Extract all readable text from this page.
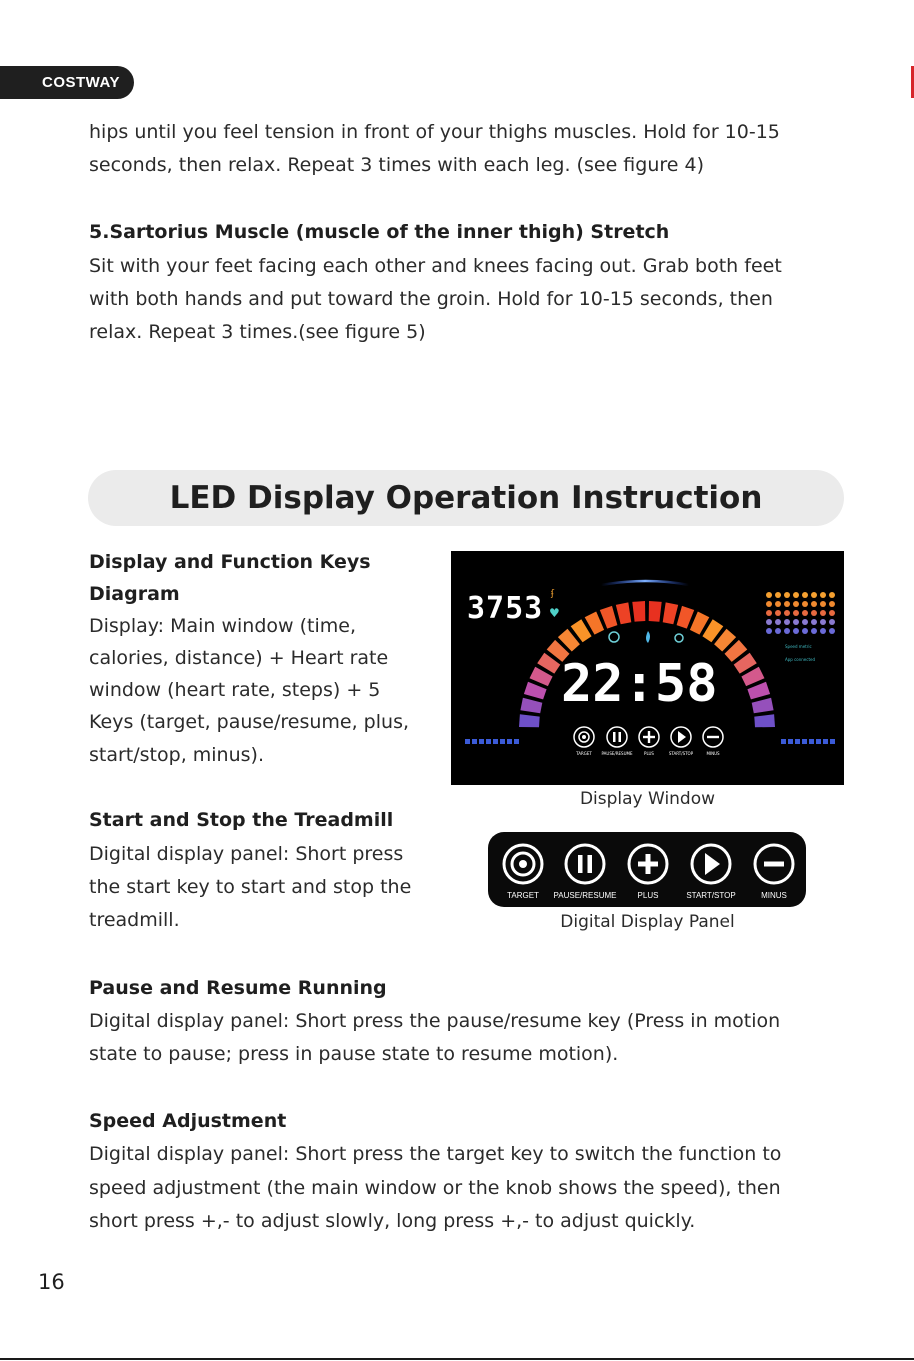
COSTWAY
hips until you feel tension in front of your thighs muscles. Hold for 10-15
seconds, then relax. Repeat 3 times with each leg. (see figure 4)
5.Sartorius Muscle (muscle of the inner thigh) Stretch
Sit with your feet facing each other and knees facing out. Grab both feet
with both hands and put toward the groin. Hold for 10-15 seconds, then
relax. Repeat 3 times.(see figure 5)
LED Display Operation Instruction
Display and Function Keys
Diagram
Display: Main window (time,
calories, distance) + Heart rate
window (heart rate, steps) + 5
Keys (target, pause/resume, plus,
start/stop, minus).
3753 ʄ
♥
22:58
Speed metric
App connected
TARGET PAUSE/RESUME	PLUS	START/STOP	MINUS
Display Window
Start and Stop the Treadmill
Digital display panel: Short press
the start key to start and stop the
treadmill.
TARGET PAUSE/RESUME	PLUS	START/STOP	MINUS
Digital Display Panel
Pause and Resume Running
Digital display panel: Short press the pause/resume key (Press in motion
state to pause; press in pause state to resume motion).
Speed Adjustment
Digital display panel: Short press the target key to switch the function to
speed adjustment (the main window or the knob shows the speed), then
short press +,- to adjust slowly, long press +,- to adjust quickly.
16
